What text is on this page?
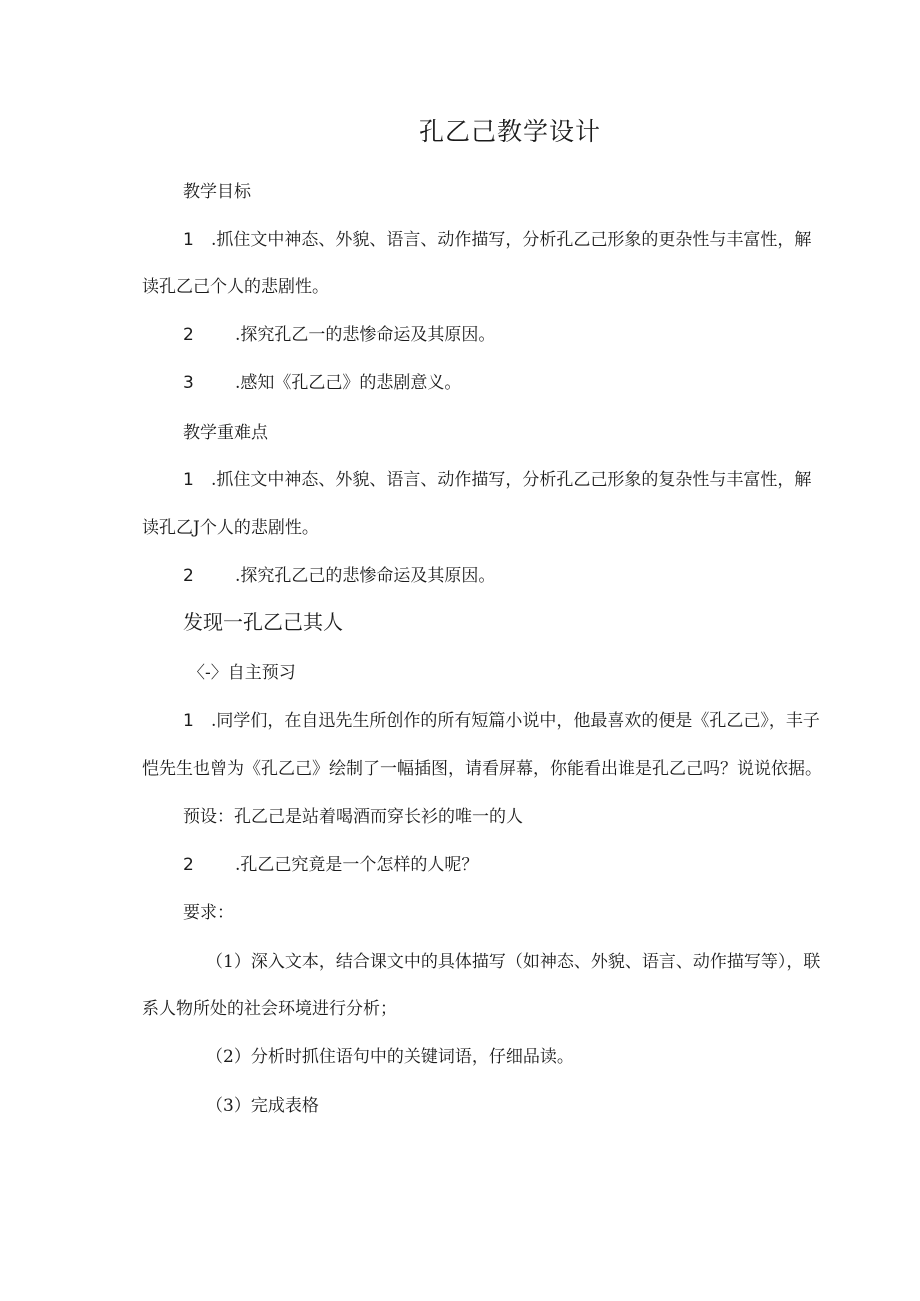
孔乙己教学设计
教学目标
1 .抓住文中神态、外貌、语言、动作描写，分析孔乙己形象的更杂性与丰富性，解
读孔乙己个人的悲剧性。
2 .探究孔乙一的悲惨命运及其原因。
3 .感知《孔乙己》的悲剧意义。
教学重难点
1 .抓住文中神态、外貌、语言、动作描写，分析孔乙己形象的复杂性与丰富性，解
读孔乙J个人的悲剧性。
2 .探究孔乙己的悲惨命运及其原因。
发现一孔乙己其人
〈-〉自主预习
1 .同学们，在自迅先生所创作的所有短篇小说中，他最喜欢的便是《孔乙己》，丰子
恺先生也曾为《孔乙己》绘制了一幅插图，请看屏幕，你能看出谁是孔乙己吗？说说依据。
预设：孔乙己是站着喝酒而穿长衫的唯一的人
2 .孔乙己究竟是一个怎样的人呢？
要求：
（1）深入文本，结合课文中的具体描写（如神态、外貌、语言、动作描写等），联
系人物所处的社会环境进行分析；
（2）分析时抓住语句中的关键词语，仔细品读。
（3）完成表格
